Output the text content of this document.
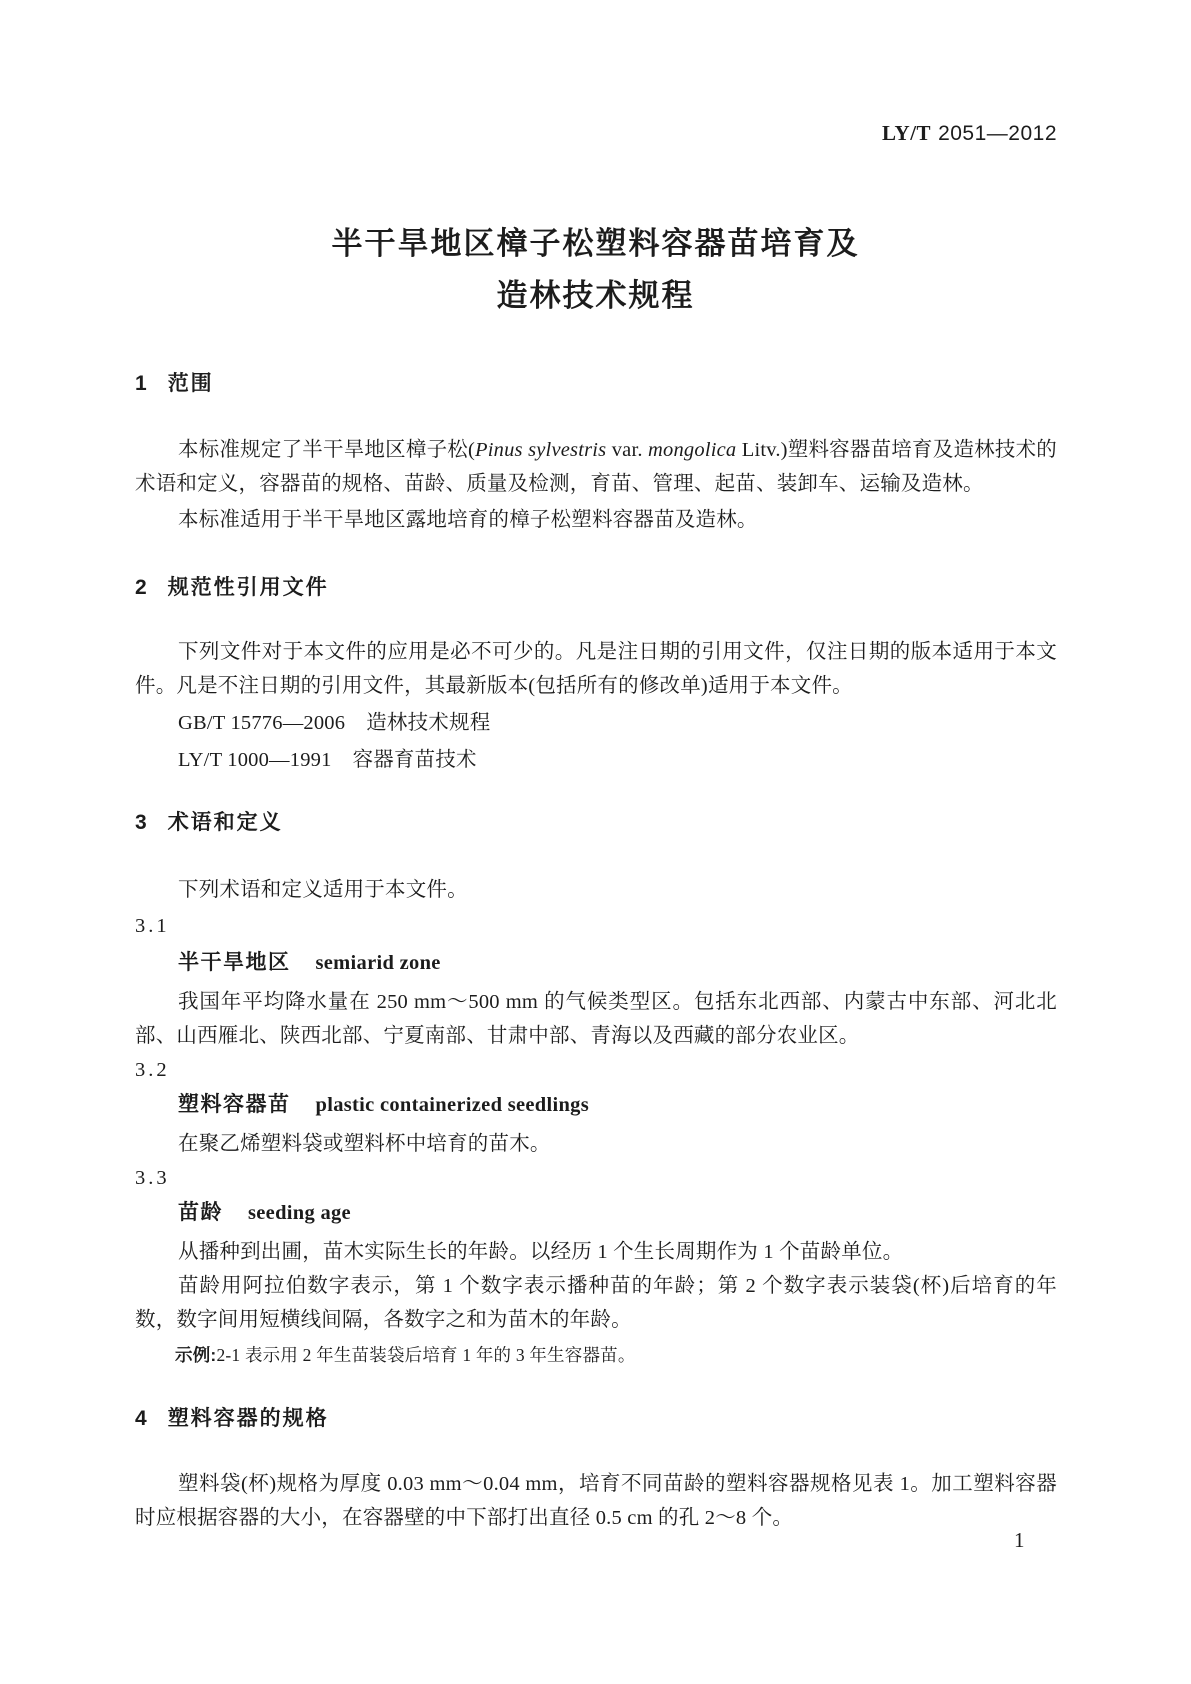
LY/T 2051—2012
半干旱地区樟子松塑料容器苗培育及
造林技术规程
1 范围
本标准规定了半干旱地区樟子松(Pinus sylvestris var. mongolica Litv.)塑料容器苗培育及造林技术的术语和定义，容器苗的规格、苗龄、质量及检测，育苗、管理、起苗、装卸车、运输及造林。
本标准适用于半干旱地区露地培育的樟子松塑料容器苗及造林。
2 规范性引用文件
下列文件对于本文件的应用是必不可少的。凡是注日期的引用文件，仅注日期的版本适用于本文件。凡是不注日期的引用文件，其最新版本(包括所有的修改单)适用于本文件。
GB/T 15776—2006 造林技术规程
LY/T 1000—1991 容器育苗技术
3 术语和定义
下列术语和定义适用于本文件。
3.1
半干旱地区 semiarid zone
我国年平均降水量在 250 mm～500 mm 的气候类型区。包括东北西部、内蒙古中东部、河北北部、山西雁北、陕西北部、宁夏南部、甘肃中部、青海以及西藏的部分农业区。
3.2
塑料容器苗 plastic containerized seedlings
在聚乙烯塑料袋或塑料杯中培育的苗木。
3.3
苗龄 seeding age
从播种到出圃，苗木实际生长的年龄。以经历 1 个生长周期作为 1 个苗龄单位。
苗龄用阿拉伯数字表示，第 1 个数字表示播种苗的年龄；第 2 个数字表示装袋(杯)后培育的年数，数字间用短横线间隔，各数字之和为苗木的年龄。
示例:2-1 表示用 2 年生苗装袋后培育 1 年的 3 年生容器苗。
4 塑料容器的规格
塑料袋(杯)规格为厚度 0.03 mm～0.04 mm，培育不同苗龄的塑料容器规格见表 1。加工塑料容器时应根据容器的大小，在容器壁的中下部打出直径 0.5 cm 的孔 2～8 个。
1
